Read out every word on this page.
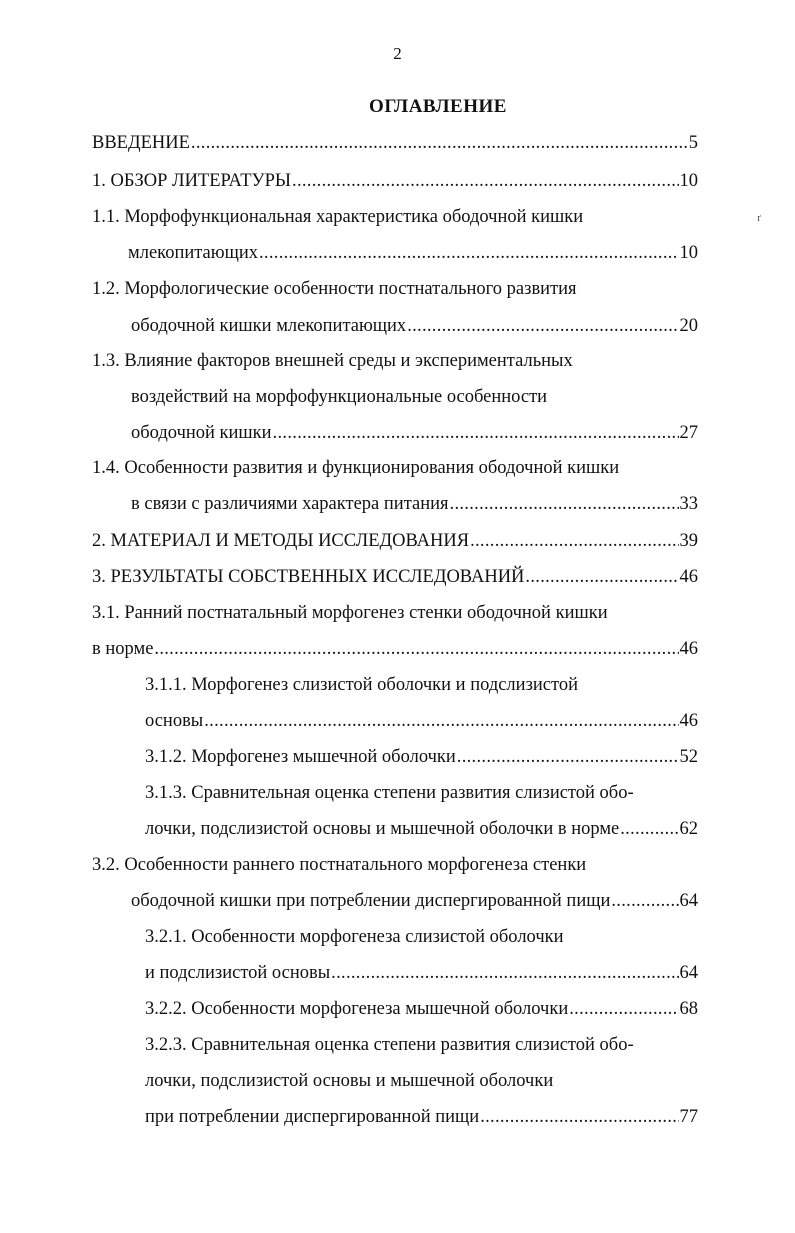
2
ОГЛАВЛЕНИЕ
ґ
ВВЕДЕНИЕ .....	5
1. ОБЗОР ЛИТЕРАТУРЫ .....	10
1.1. Морфофункциональная характеристика ободочной кишки
млекопитающих .....	10
1.2. Морфологические особенности постнатального развития
ободочной кишки млекопитающих .....	20
1.3. Влияние факторов внешней среды и экспериментальных
воздействий на морфофункциональные особенности
ободочной кишки .....	27
1.4. Особенности развития и функционирования ободочной кишки
в связи с различиями характера питания .....	33
2. МАТЕРИАЛ И МЕТОДЫ ИССЛЕДОВАНИЯ .....	39
3. РЕЗУЛЬТАТЫ СОБСТВЕННЫХ ИССЛЕДОВАНИЙ .....	46
3.1. Ранний постнатальный морфогенез стенки ободочной кишки
в норме .....	46
3.1.1. Морфогенез слизистой оболочки и подслизистой
основы .....	46
3.1.2. Морфогенез мышечной оболочки .....	52
3.1.3. Сравнительная оценка степени развития слизистой обо-
лочки, подслизистой основы и мышечной оболочки в норме .....	62
3.2. Особенности раннего постнатального морфогенеза стенки
ободочной кишки при потреблении диспергированной пищи .....	64
3.2.1. Особенности морфогенеза слизистой оболочки
и подслизистой основы .....	64
3.2.2. Особенности морфогенеза мышечной оболочки .....	68
3.2.3. Сравнительная оценка степени развития слизистой обо-
лочки, подслизистой основы и мышечной оболочки
при потреблении диспергированной пищи .....	77
